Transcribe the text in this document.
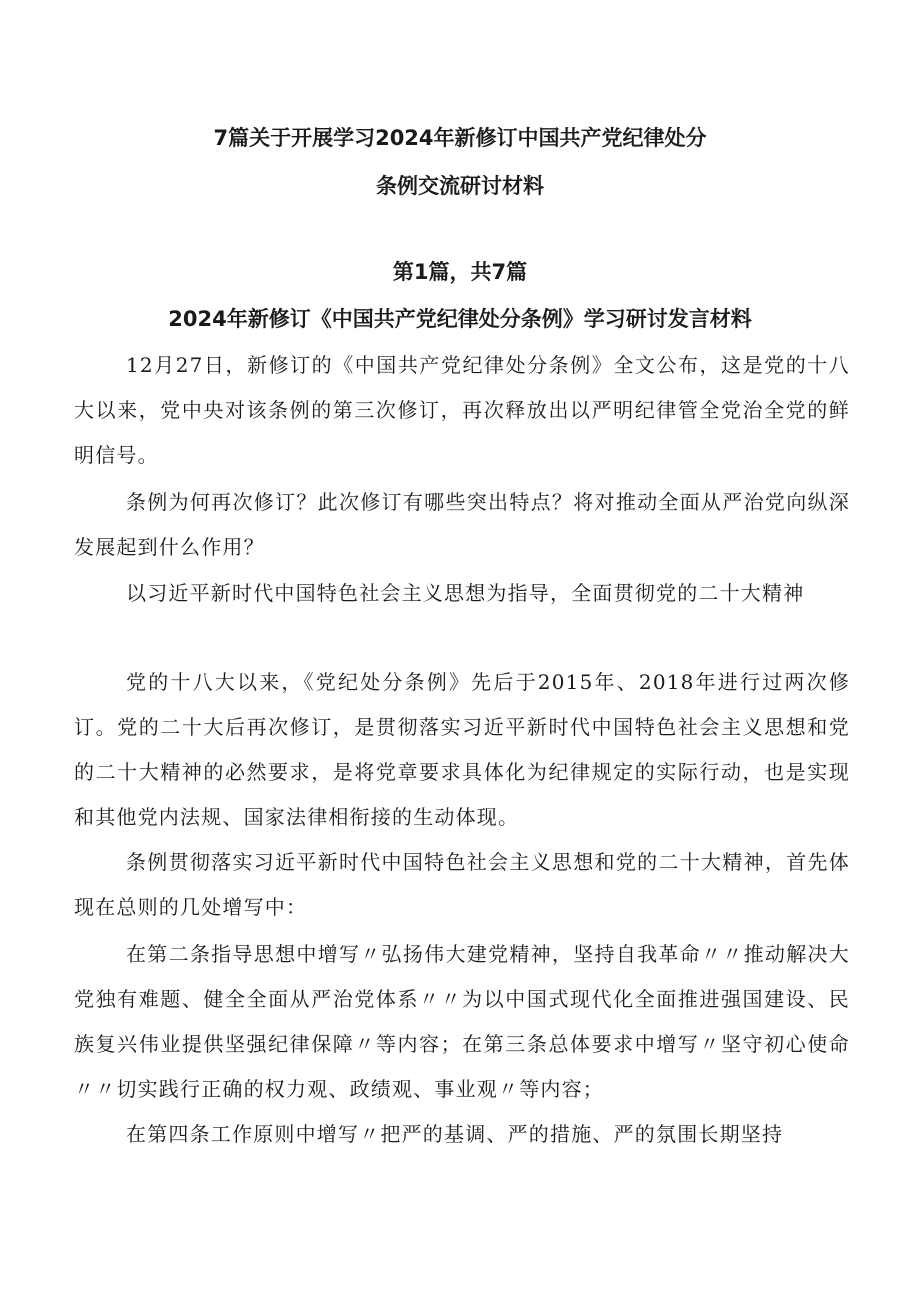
7篇关于开展学习2024年新修订中国共产党纪律处分
条例交流研讨材料
第1篇，共7篇
2024年新修订《中国共产党纪律处分条例》学习研讨发言材料

12月27日，新修订的《中国共产党纪律处分条例》全文公布，这是党的十八大以来，党中央对该条例的第三次修订，再次释放出以严明纪律管全党治全党的鲜明信号。

条例为何再次修订？此次修订有哪些突出特点？将对推动全面从严治党向纵深发展起到什么作用？

以习近平新时代中国特色社会主义思想为指导，全面贯彻党的二十大精神

党的十八大以来，《党纪处分条例》先后于2015年、2018年进行过两次修订。党的二十大后再次修订，是贯彻落实习近平新时代中国特色社会主义思想和党的二十大精神的必然要求，是将党章要求具体化为纪律规定的实际行动，也是实现和其他党内法规、国家法律相衔接的生动体现。

条例贯彻落实习近平新时代中国特色社会主义思想和党的二十大精神，首先体现在总则的几处增写中：

在第二条指导思想中增写〃弘扬伟大建党精神，坚持自我革命〃〃推动解决大党独有难题、健全全面从严治党体系〃〃为以中国式现代化全面推进强国建设、民族复兴伟业提供坚强纪律保障〃等内容；在第三条总体要求中增写〃坚守初心使命〃〃切实践行正确的权力观、政绩观、事业观〃等内容；

在第四条工作原则中增写〃把严的基调、严的措施、严的氛围长期坚持
